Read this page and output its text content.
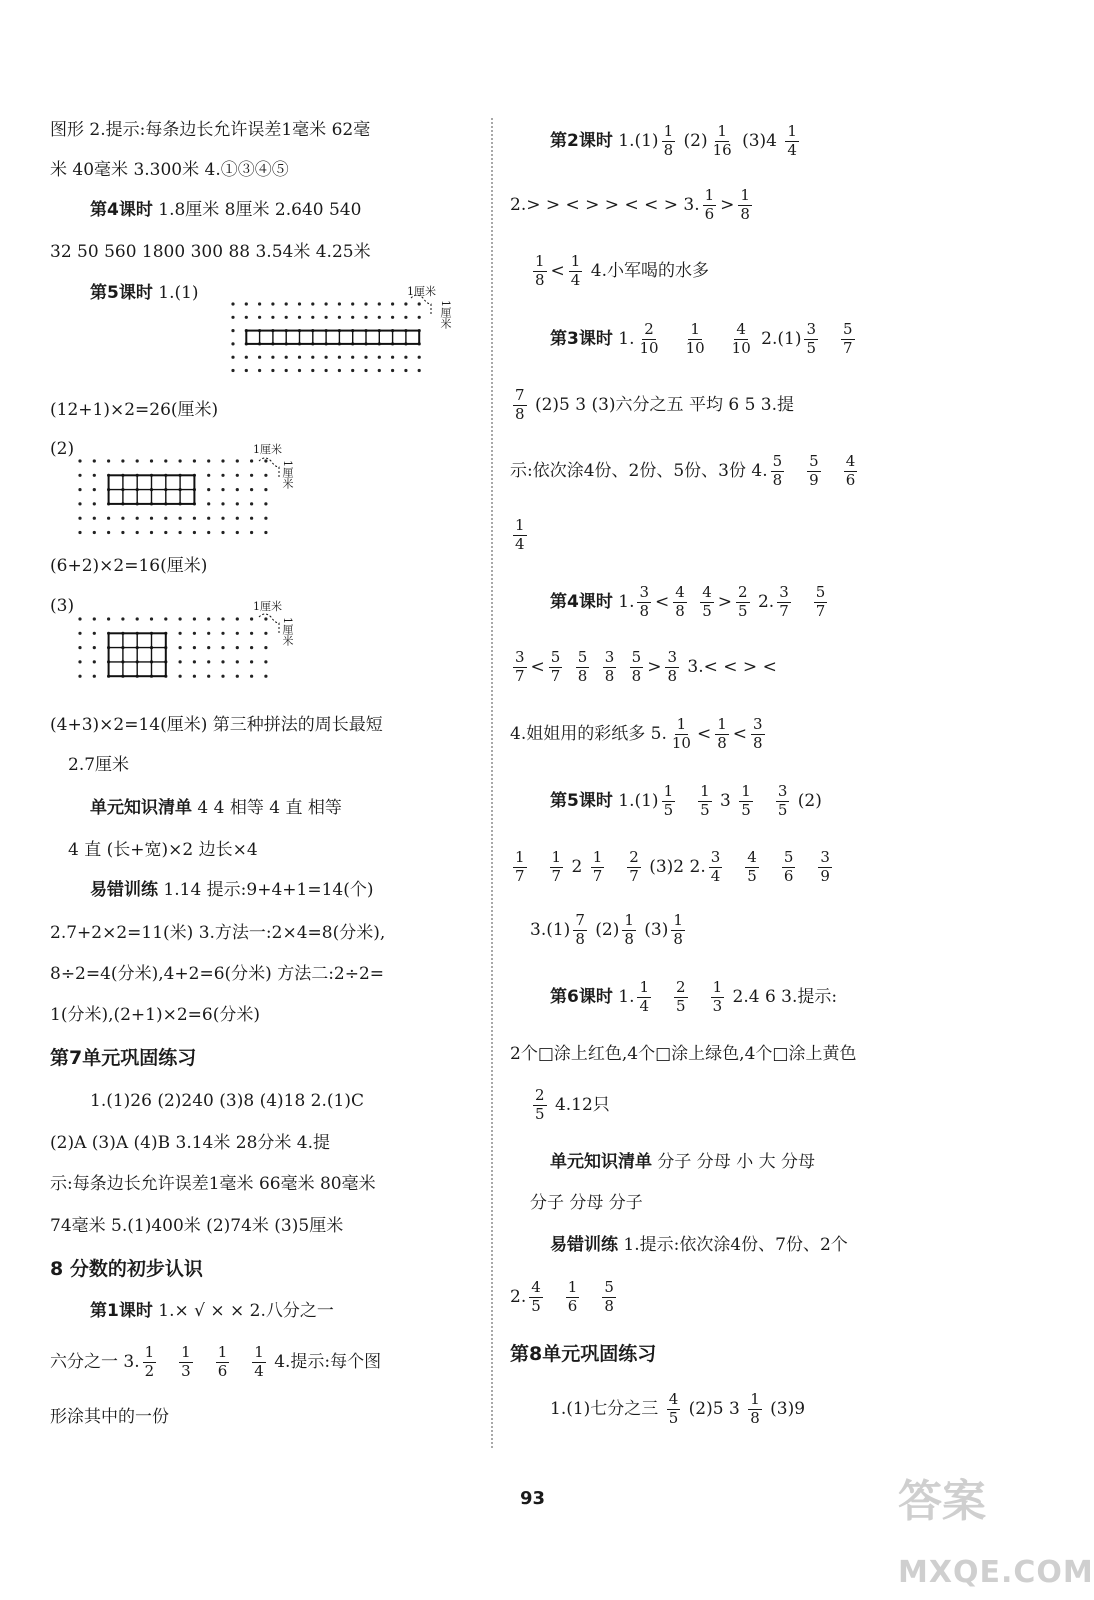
图形 2.提示:每条边长允许误差1毫米 62毫
米 40毫米 3.300米 4.①③④⑤
第4课时 1.8厘米 8厘米 2.640 540
32 50 560 1800 300 88 3.54米 4.25米
第5课时 1.(1)	1厘米
1厘米
(12+1)×2=26(厘米)
(2)	1厘米
1厘米
(6+2)×2=16(厘米)
(3)	1厘米
1厘米
(4+3)×2=14(厘米) 第三种拼法的周长最短
2.7厘米
单元知识清单 4 4 相等 4 直 相等
4 直 (长+宽)×2 边长×4
易错训练 1.14 提示:9+4+1=14(个)
2.7+2×2=11(米) 3.方法一:2×4=8(分米),
8÷2=4(分米),4+2=6(分米) 方法二:2÷2=
1(分米),(2+1)×2=6(分米)
第7单元巩固练习
1.(1)26 (2)240 (3)8 (4)18 2.(1)C
(2)A (3)A (4)B 3.14米 28分米 4.提
示:每条边长允许误差1毫米 66毫米 80毫米
74毫米 5.(1)400米 (2)74米 (3)5厘米
8 分数的初步认识
第1课时 1.× √ × × 2.八分之一
六分之一 3. $\frac{1}{2}$
  $\frac{1}{3}$
  $\frac{1}{6}$
  $\frac{1}{4} 4$.提示:每个图
形涂其中的一份
第2课时 $1.(1) \frac{1}{8} (2) \frac{1}{16} (3)4 \frac{1}{4}$
2.> > < > > < < > 3. $\frac{1}{6} > \frac{1}{8}$
$\frac{1}{8} < \frac{1}{4} 4$.小军喝的水多
第3课时 1. $\frac{2}{10}$
  $\frac{1}{10}$
  $\frac{4}{10} 2.(1) \frac{3}{5}$
  $\frac{5}{7}$
$\frac{7}{8} (2)5$ 3 (3)六分之五 平均 6 5 3.提
示:依次涂4份、2份、5份、3份 4. $\frac{5}{8}$
  $\frac{5}{9}$
  $\frac{4}{6}$
$\frac{1}{4}$
第4课时 1. $\frac{3}{8} < \frac{4}{8}$
$\frac{4}{5} > \frac{2}{5} 2$. $\frac{3}{7}$
  $\frac{5}{7}$
$\frac{3}{7} < \frac{5}{7}$
$\frac{5}{8}$
$\frac{3}{8}$
$\frac{5}{8} > \frac{3}{8} 3.<$ < > <
4.姐姐用的彩纸多 5. $\frac{1}{10} < \frac{1}{8} < \frac{3}{8}$
第5课时 $1.(1) \frac{1}{5}$
  $\frac{1}{5} 3 \frac{1}{5}$
  $\frac{3}{5} (2)$
$\frac{1}{7}$
  $\frac{1}{7} 2 \frac{1}{7}$
  $\frac{2}{7} (3)2$ 2. $\frac{3}{4}$
  $\frac{4}{5}$
  $\frac{5}{6}$
  $\frac{3}{9}$
$3.(1) \frac{7}{8} (2) \frac{1}{8} (3) \frac{1}{8}$
第6课时 1. $\frac{1}{4}$
  $\frac{2}{5}$
  $\frac{1}{3} 2.4$ 6 3.提示:
2个□涂上红色,4个□涂上绿色,4个□涂上黄色
$\frac{2}{5} 4.12$只
单元知识清单 分子 分母 小 大 分母
分子 分母 分子
易错训练 1.提示:依次涂4份、7份、2个
2. $\frac{4}{5}$
  $\frac{1}{6}$
  $\frac{5}{8}$
第8单元巩固练习
1.(1)七分之三 $\frac{4}{5} (2)5$ $3 \frac{1}{8} (3)9$
93	答案
MXQE.COM
